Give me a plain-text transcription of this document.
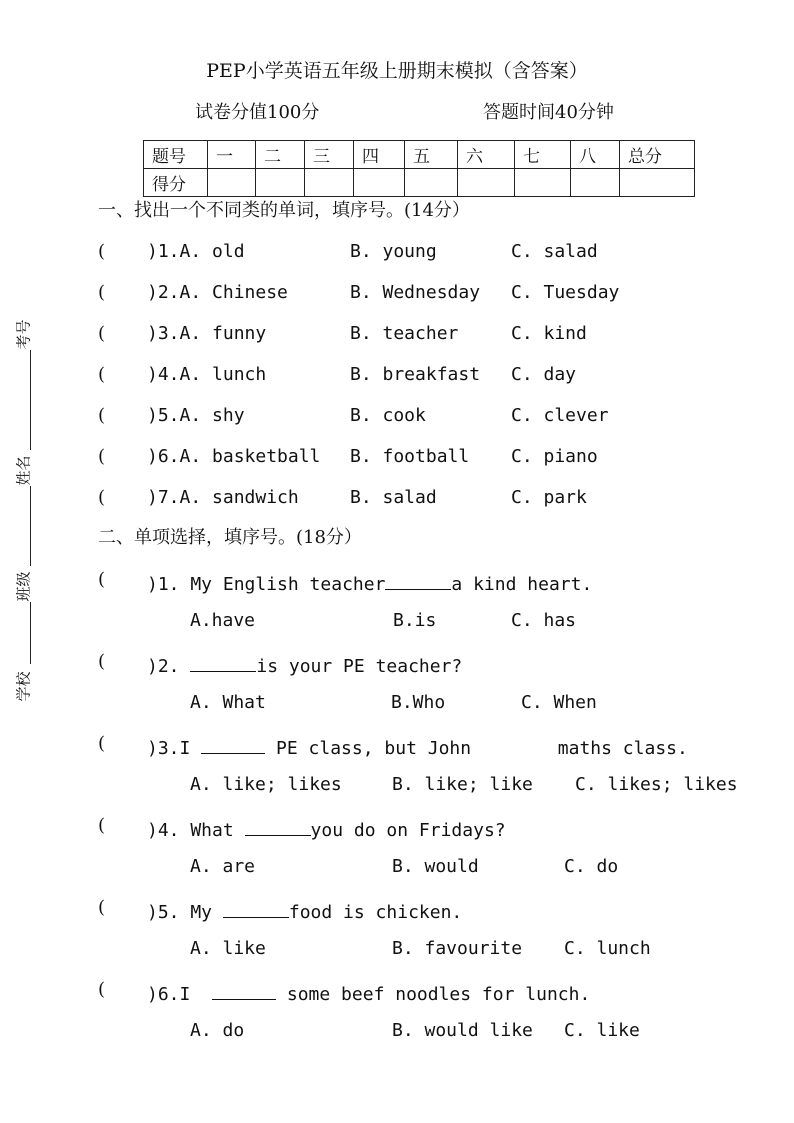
PEP小学英语五年级上册期末模拟（含答案）
试卷分值100分	答题时间40分钟
题号	一	二	三	四	五	六	七	八	总分
得分									
考号
姓名
班级
学校
一、找出一个不同类的单词，填序号。(14分）
( )1.A. old	B. young	C. salad
( )2.A. Chinese	B. Wednesday C. Tuesday
( )3.A. funny	B. teacher	C. kind
( )4.A. lunch	B. breakfast C. day
( )5.A. shy	B. cook	C. clever
( )6.A. basketball B. football C. piano
( )7.A. sandwich	B. salad	C. park
二、单项选择，填序号。(18分）
( )1. My English teacher	a kind heart.
A.have	B.is	C. has
( )2.	is your PE teacher?
A. What	B.Who	C. When
( )3.I	PE class, but John        maths class.
A. like; likes	B. like; like C. likes; likes
( )4. What	you do on Fridays?
A. are	B. would	C. do
( )5. My	food is chicken.
A. like	B. favourite C. lunch
( )6.I	some beef noodles for lunch.
A. do	B. would like C. like
